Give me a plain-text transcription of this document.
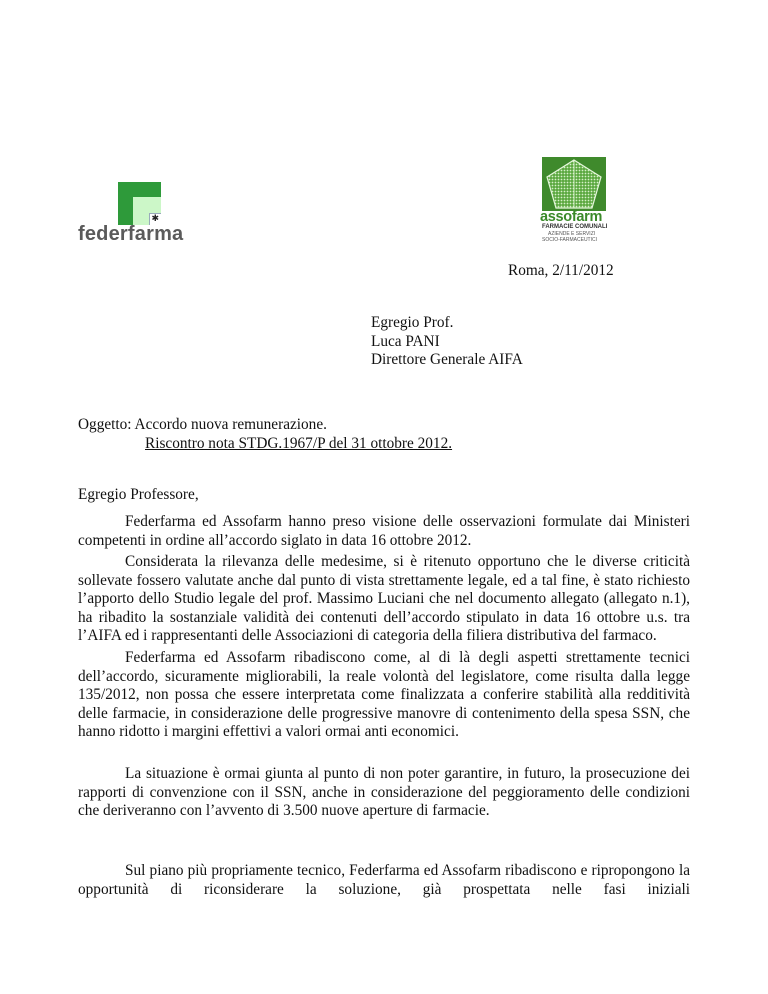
✱
federfarma
assofarm
FARMACIE COMUNALI
AZIENDE E SERVIZI
SOCIO-FARMACEUTICI
Roma, 2/11/2012
Egregio Prof.
Luca PANI
Direttore Generale AIFA
Oggetto: Accordo nuova remunerazione.
Riscontro nota STDG.1967/P del 31 ottobre 2012.
Egregio Professore,

Federfarma ed Assofarm hanno preso visione delle osservazioni formulate dai Ministeri competenti in ordine all’accordo siglato in data 16 ottobre 2012.

Considerata la rilevanza delle medesime, si è ritenuto opportuno che le diverse criticità sollevate fossero valutate anche dal punto di vista strettamente legale, ed a tal fine, è stato richiesto l’apporto dello Studio legale del prof. Massimo Luciani che nel documento allegato (allegato n.1), ha ribadito la sostanziale validità dei contenuti dell’accordo stipulato in data 16 ottobre u.s. tra l’AIFA ed i rappresentanti delle Associazioni di categoria della filiera distributiva del farmaco.

Federfarma ed Assofarm ribadiscono come, al di là degli aspetti strettamente tecnici dell’accordo, sicuramente migliorabili, la reale volontà del legislatore, come risulta dalla legge 135/2012, non possa che essere interpretata come finalizzata a conferire stabilità alla redditività delle farmacie, in considerazione delle progressive manovre di contenimento della spesa SSN, che hanno ridotto i margini effettivi a valori ormai anti economici.

La situazione è ormai giunta al punto di non poter garantire, in futuro, la prosecuzione dei rapporti di convenzione con il SSN, anche in considerazione del peggioramento delle condizioni che deriveranno con l’avvento di 3.500 nuove aperture di farmacie.

Sul piano più propriamente tecnico, Federfarma ed Assofarm ribadiscono e ripropongono la opportunità di riconsiderare la soluzione, già prospettata nelle fasi iniziali
